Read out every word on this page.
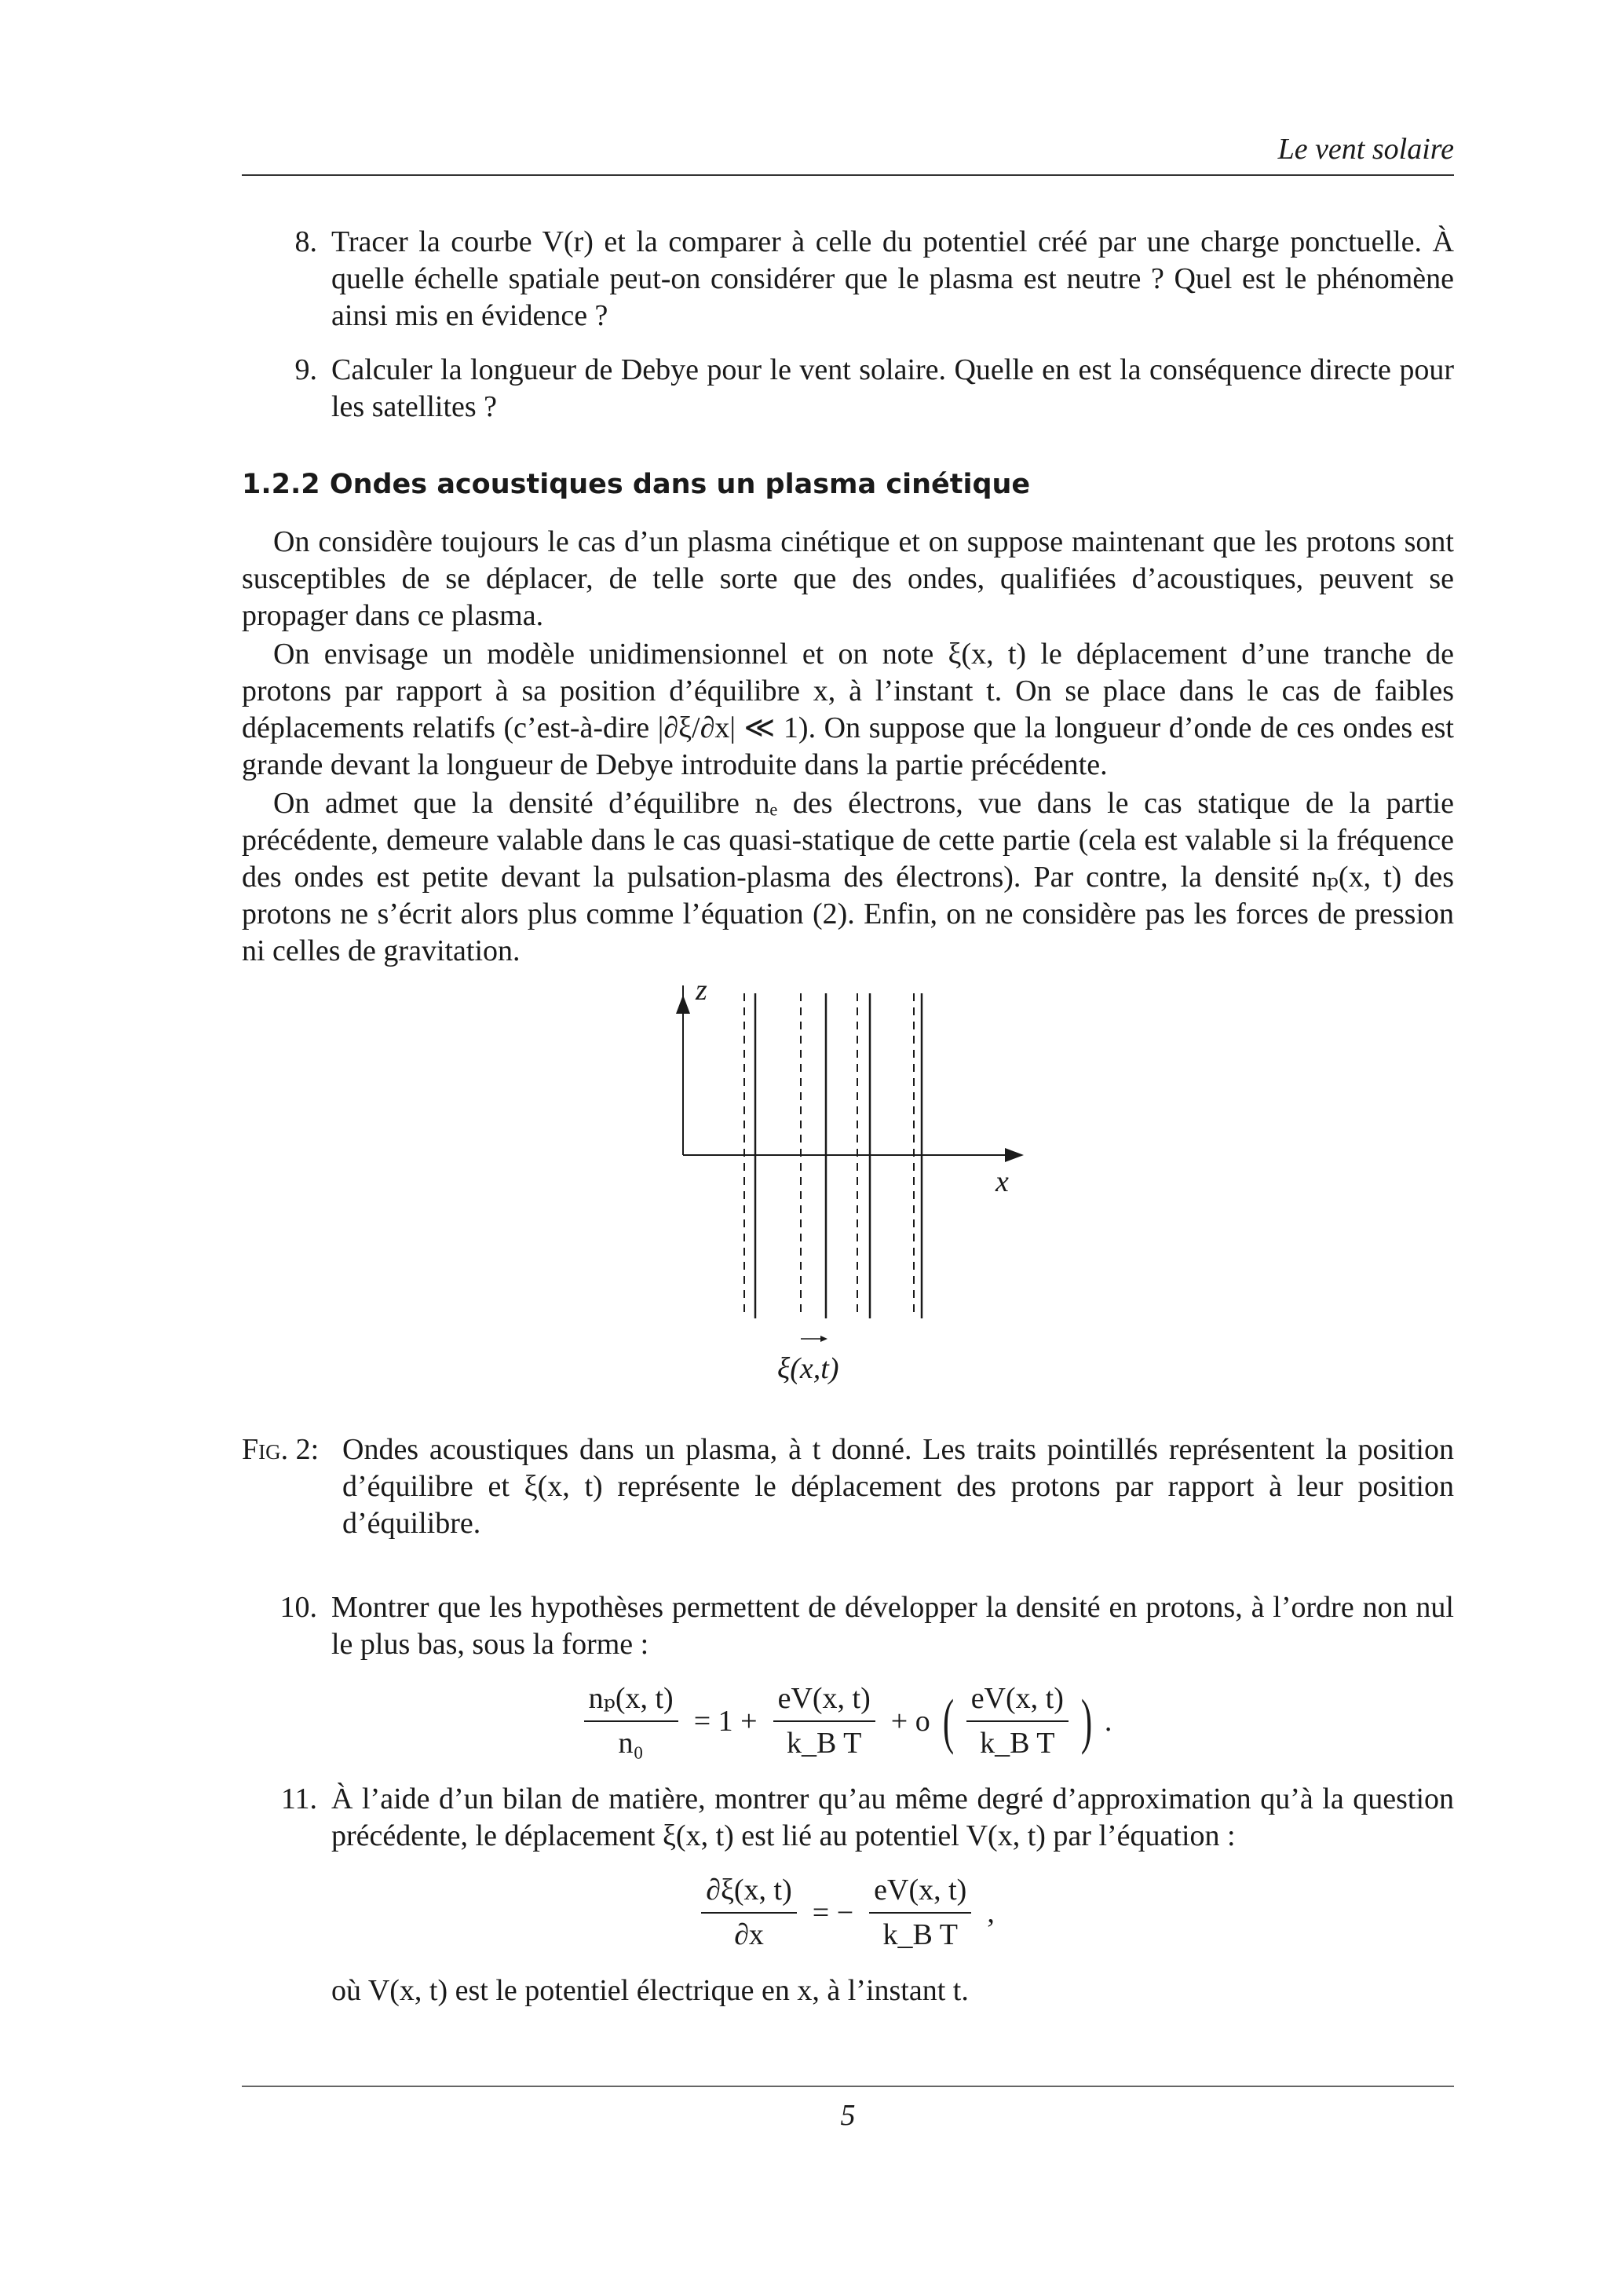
Le vent solaire
8. Tracer la courbe V(r) et la comparer à celle du potentiel créé par une charge ponctuelle. À quelle échelle spatiale peut-on considérer que le plasma est neutre ? Quel est le phénomène ainsi mis en évidence ?
9. Calculer la longueur de Debye pour le vent solaire. Quelle en est la conséquence directe pour les satellites ?
1.2.2 Ondes acoustiques dans un plasma cinétique

On considère toujours le cas d’un plasma cinétique et on suppose maintenant que les protons sont susceptibles de se déplacer, de telle sorte que des ondes, qualifiées d’acoustiques, peuvent se propager dans ce plasma.

On envisage un modèle unidimensionnel et on note ξ(x, t) le déplacement d’une tranche de protons par rapport à sa position d’équilibre x, à l’instant t. On se place dans le cas de faibles déplacements relatifs (c’est-à-dire |∂ξ/∂x| ≪ 1). On suppose que la longueur d’onde de ces ondes est grande devant la longueur de Debye introduite dans la partie précédente.

On admet que la densité d’équilibre nₑ des électrons, vue dans le cas statique de la partie précédente, demeure valable dans le cas quasi-statique de cette partie (cela est valable si la fréquence des ondes est petite devant la pulsation-plasma des électrons). Par contre, la densité nₚ(x, t) des protons ne s’écrit alors plus comme l’équation (2). Enfin, on ne considère pas les forces de pression ni celles de gravitation.

z
x
ξ(x,t)
Fig. 2: Ondes acoustiques dans un plasma, à t donné. Les traits pointillés représentent la position d’équilibre et ξ(x, t) représente le déplacement des protons par rapport à leur position d’équilibre.
10. Montrer que les hypothèses permettent de développer la densité en protons, à l’ordre non nul le plus bas, sous la forme :
$\frac{\text{nₚ(x, t)}}{\text{n₀}} = 1 + \frac{eV(x, t)}{\text{k\_B T}} + o$ ( $\frac{eV(x, t)}{\text{k\_B T}}$ ) .
11. À l’aide d’un bilan de matière, montrer qu’au même degré d’approximation qu’à la question précédente, le déplacement ξ(x, t) est lié au potentiel V(x, t) par l’équation :
$\frac{\partial\xi(x, t)}{\partial x}$ = − $\frac{eV(x, t)}{\text{k\_B T}}$ ,
où V(x, t) est le potentiel électrique en x, à l’instant t.
5
